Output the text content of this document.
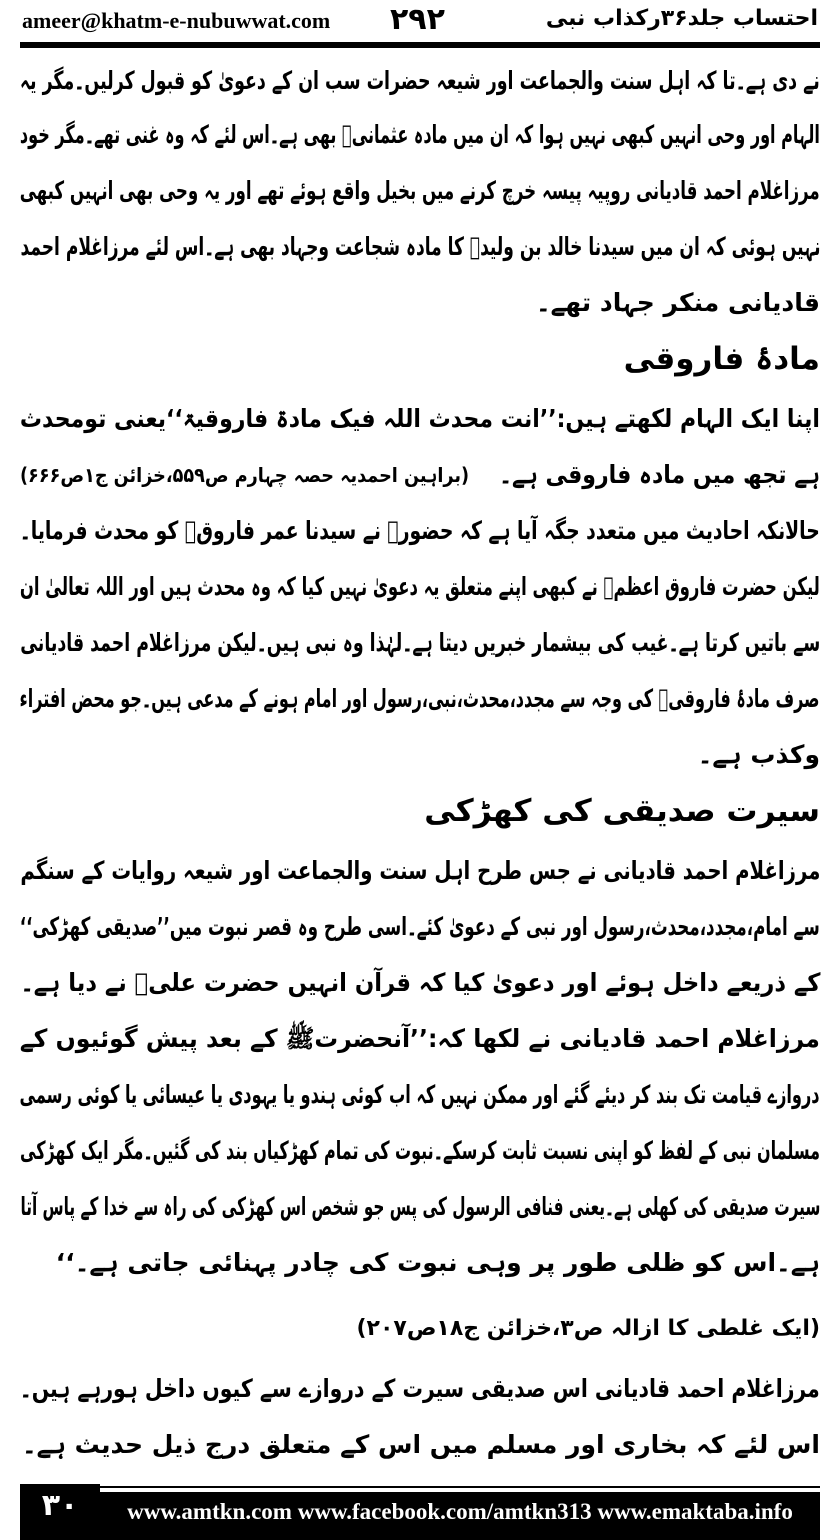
ameer@khatm-e-nubuwwat.com ۲۹۲	احتساب جلد۳۶رکذاب نبی
نے دی ہے۔تا کہ اہل سنت والجماعت اور شیعہ حضرات سب ان کے دعویٰ کو قبول کرلیں۔مگر یہ
الہام اور وحی انہیں کبھی نہیں ہوا کہ ان میں مادہ عثمانیؓ بھی ہے۔اس لئے کہ وہ غنی تھے۔مگر خود
مرزاغلام احمد قادیانی روپیہ پیسہ خرچ کرنے میں بخیل واقع ہوئے تھے اور یہ وحی بھی انہیں کبھی
نہیں ہوئی کہ ان میں سیدنا خالد بن ولیدؓ کا مادہ شجاعت وجہاد بھی ہے۔اس لئے مرزاغلام احمد
قادیانی منکر جہاد تھے۔
مادۂ فاروقی
اپنا ایک الہام لکھتے ہیں:’’انت محدث اللہ فیک مادۃ فاروقیۃ‘‘یعنی تومحدث
ہے تجھ میں مادہ فاروقی ہے۔
(براہین احمدیہ حصہ چہارم ص۵۵۹،خزائن ج۱ص۶۶۶)
حالانکہ احادیث میں متعدد جگہ آیا ہے کہ حضورﷺ نے سیدنا عمر فاروقؓ کو محدث فرمایا۔
لیکن حضرت فاروق اعظمؓ نے کبھی اپنے متعلق یہ دعویٰ نہیں کیا کہ وہ محدث ہیں اور اللہ تعالیٰ ان
سے باتیں کرتا ہے۔غیب کی بیشمار خبریں دیتا ہے۔لہٰذا وہ نبی ہیں۔لیکن مرزاغلام احمد قادیانی
صرف مادۂ فاروقیؓ کی وجہ سے مجدد،محدث،نبی،رسول اور امام ہونے کے مدعی ہیں۔جو محض افتراء
وکذب ہے۔
سیرت صدیقی کی کھڑکی
مرزاغلام احمد قادیانی نے جس طرح اہل سنت والجماعت اور شیعہ روایات کے سنگم
سے امام،مجدد،محدث،رسول اور نبی کے دعویٰ کئے۔اسی طرح وہ قصر نبوت میں’’صدیقی کھڑکی‘‘
کے ذریعے داخل ہوئے اور دعویٰ کیا کہ قرآن انہیں حضرت علیؓ نے دیا ہے۔
مرزاغلام احمد قادیانی نے لکھا کہ:’’آنحضرتﷺ کے بعد پیش گوئیوں کے
دروازے قیامت تک بند کر دیئے گئے اور ممکن نہیں کہ اب کوئی ہندو یا یہودی یا عیسائی یا کوئی رسمی
مسلمان نبی کے لفظ کو اپنی نسبت ثابت کرسکے۔نبوت کی تمام کھڑکیاں بند کی گئیں۔مگر ایک کھڑکی
سیرت صدیقی کی کھلی ہے۔یعنی فنافی الرسول کی پس جو شخص اس کھڑکی کی راہ سے خدا کے پاس آتا
ہے۔اس کو ظلی طور پر وہی نبوت کی چادر پہنائی جاتی ہے۔‘‘
(ایک غلطی کا ازالہ ص۳،خزائن ج۱۸ص۲۰۷)
مرزاغلام احمد قادیانی اس صدیقی سیرت کے دروازے سے کیوں داخل ہورہے ہیں۔
اس لئے کہ بخاری اور مسلم میں اس کے متعلق درج ذیل حدیث ہے۔
۳۰	www.amtkn.com www.facebook.com/amtkn313 www.emaktaba.info
